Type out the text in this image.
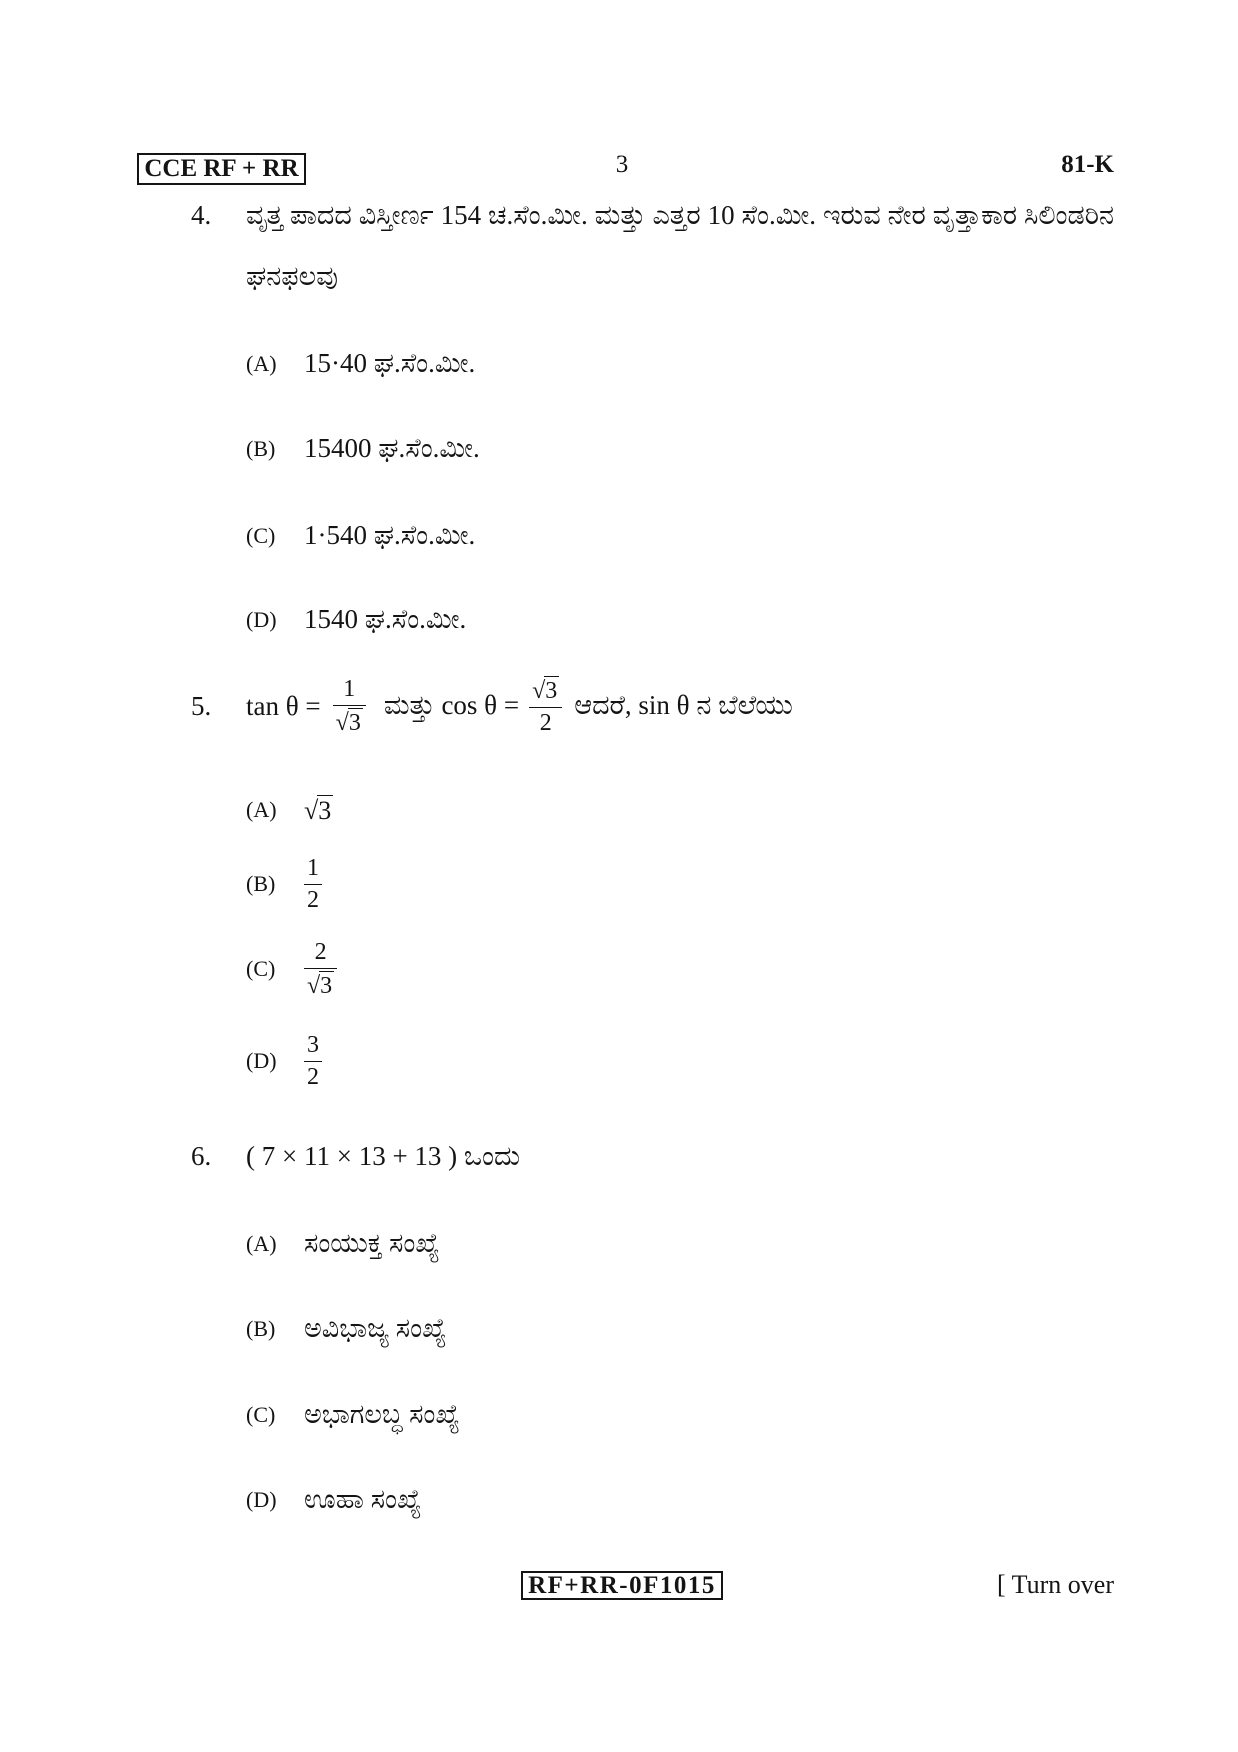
CCE RF + RR	3	81-K
4. ವೃತ್ತ ಪಾದದ ವಿಸ್ತೀರ್ಣ 154 ಚ.ಸೆಂ.ಮೀ. ಮತ್ತು ಎತ್ತರ 10 ಸೆಂ.ಮೀ. ಇರುವ ನೇರ ವೃತ್ತಾಕಾರ ಸಿಲಿಂಡರಿನ ಘನಫಲವು
(A)	15·40 ಘ.ಸೆಂ.ಮೀ.
(B)	15400 ಘ.ಸೆಂ.ಮೀ.
(C)	1·540 ಘ.ಸೆಂ.ಮೀ.
(D)	1540 ಘ.ಸೆಂ.ಮೀ.
5. $\tan \theta = \frac{1}{√3}$ ಮತ್ತು $\cos \theta = \frac{√3}{2}$ ಆದರೆ, sin θ ನ ಬೆಲೆಯು
(A)	√3
(B)	$\frac{1}{2}$
(C)	$\frac{2}{√3}$
(D)	$\frac{3}{2}$
6. ( 7 × 11 × 13 + 13 ) ಒಂದು
(A)	ಸಂಯುಕ್ತ ಸಂಖ್ಯೆ
(B)	ಅವಿಭಾಜ್ಯ ಸಂಖ್ಯೆ
(C)	ಅಭಾಗಲಬ್ಧ ಸಂಖ್ಯೆ
(D)	ಊಹಾ ಸಂಖ್ಯೆ
RF+RR-0F1015	[ Turn over
